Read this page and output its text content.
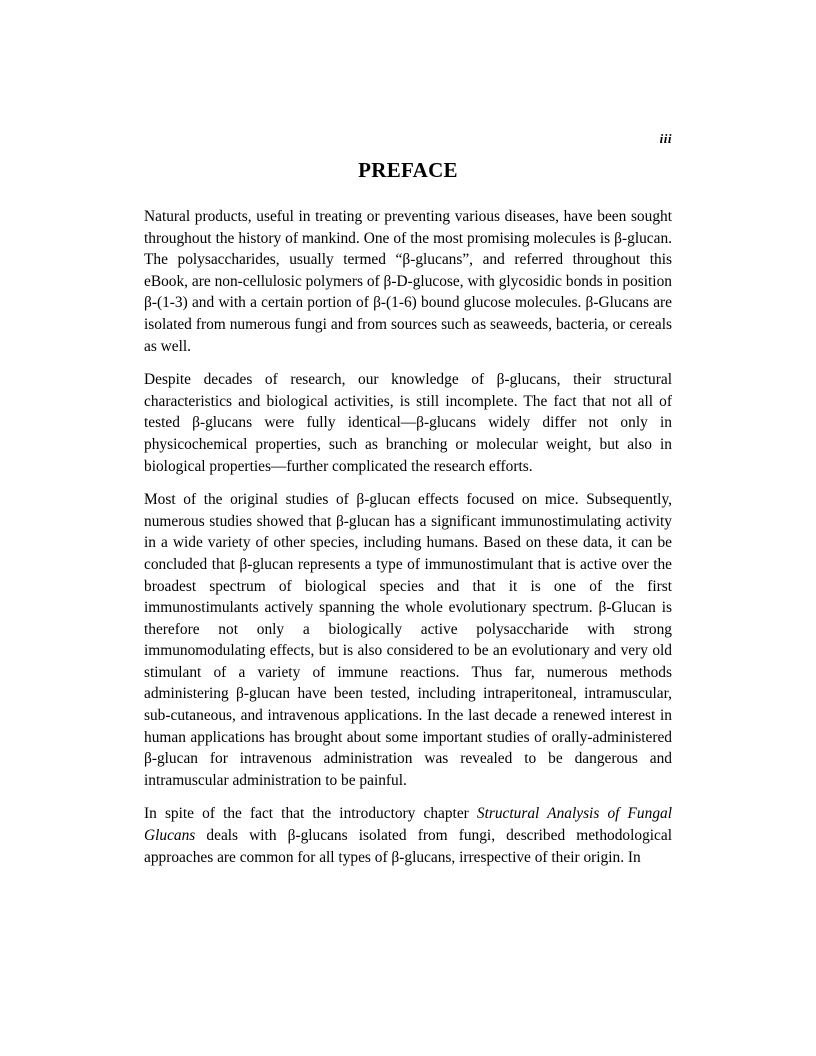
iii
PREFACE

Natural products, useful in treating or preventing various diseases, have been sought throughout the history of mankind. One of the most promising molecules is β-glucan. The polysaccharides, usually termed “β-glucans”, and referred throughout this eBook, are non-cellulosic polymers of β-D-glucose, with glycosidic bonds in position β-(1-3) and with a certain portion of β-(1-6) bound glucose molecules. β-Glucans are isolated from numerous fungi and from sources such as seaweeds, bacteria, or cereals as well.

Despite decades of research, our knowledge of β-glucans, their structural characteristics and biological activities, is still incomplete. The fact that not all of tested β-glucans were fully identical—β-glucans widely differ not only in physicochemical properties, such as branching or molecular weight, but also in biological properties—further complicated the research efforts.

Most of the original studies of β-glucan effects focused on mice. Subsequently, numerous studies showed that β-glucan has a significant immunostimulating activity in a wide variety of other species, including humans. Based on these data, it can be concluded that β-glucan represents a type of immunostimulant that is active over the broadest spectrum of biological species and that it is one of the first immunostimulants actively spanning the whole evolutionary spectrum. β-Glucan is therefore not only a biologically active polysaccharide with strong immunomodulating effects, but is also considered to be an evolutionary and very old stimulant of a variety of immune reactions. Thus far, numerous methods administering β-glucan have been tested, including intraperitoneal, intramuscular, sub-cutaneous, and intravenous applications. In the last decade a renewed interest in human applications has brought about some important studies of orally-administered β-glucan for intravenous administration was revealed to be dangerous and intramuscular administration to be painful.

In spite of the fact that the introductory chapter Structural Analysis of Fungal Glucans deals with β-glucans isolated from fungi, described methodological approaches are common for all types of β-glucans, irrespective of their origin. In
